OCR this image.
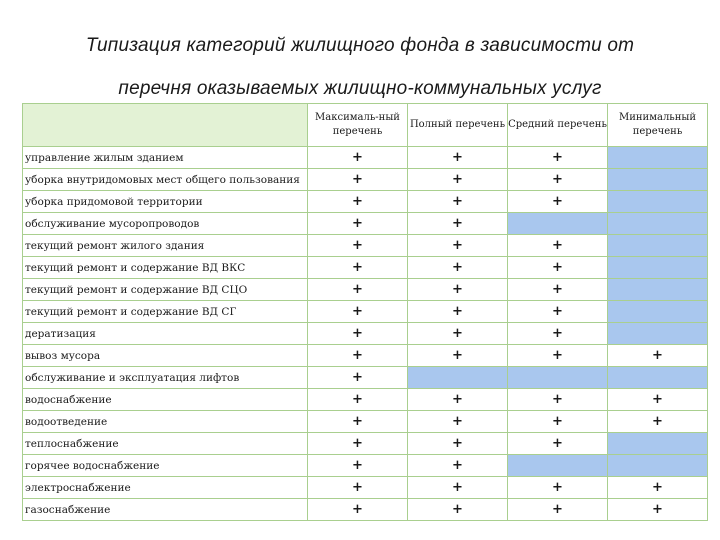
Типизация категорий жилищного фонда в зависимости от
перечня оказываемых жилищно-коммунальных услуг
	Максималь-ный перечень	Полный перечень	Средний перечень	Минимальный перечень
управление жилым зданием	+	+	+	
уборка внутридомовых мест общего пользования	+	+	+	
уборка придомовой территории	+	+	+	
обслуживание мусоропроводов	+	+		
текущий ремонт жилого здания	+	+	+	
текущий ремонт и содержание ВД ВКС	+	+	+	
текущий ремонт и содержание ВД СЦО	+	+	+	
текущий ремонт и содержание ВД СГ	+	+	+	
дератизация	+	+	+	
вывоз мусора	+	+	+	+
обслуживание и эксплуатация лифтов	+			
водоснабжение	+	+	+	+
водоотведение	+	+	+	+
теплоснабжение	+	+	+	
горячее водоснабжение	+	+		
электроснабжение	+	+	+	+
газоснабжение	+	+	+	+
